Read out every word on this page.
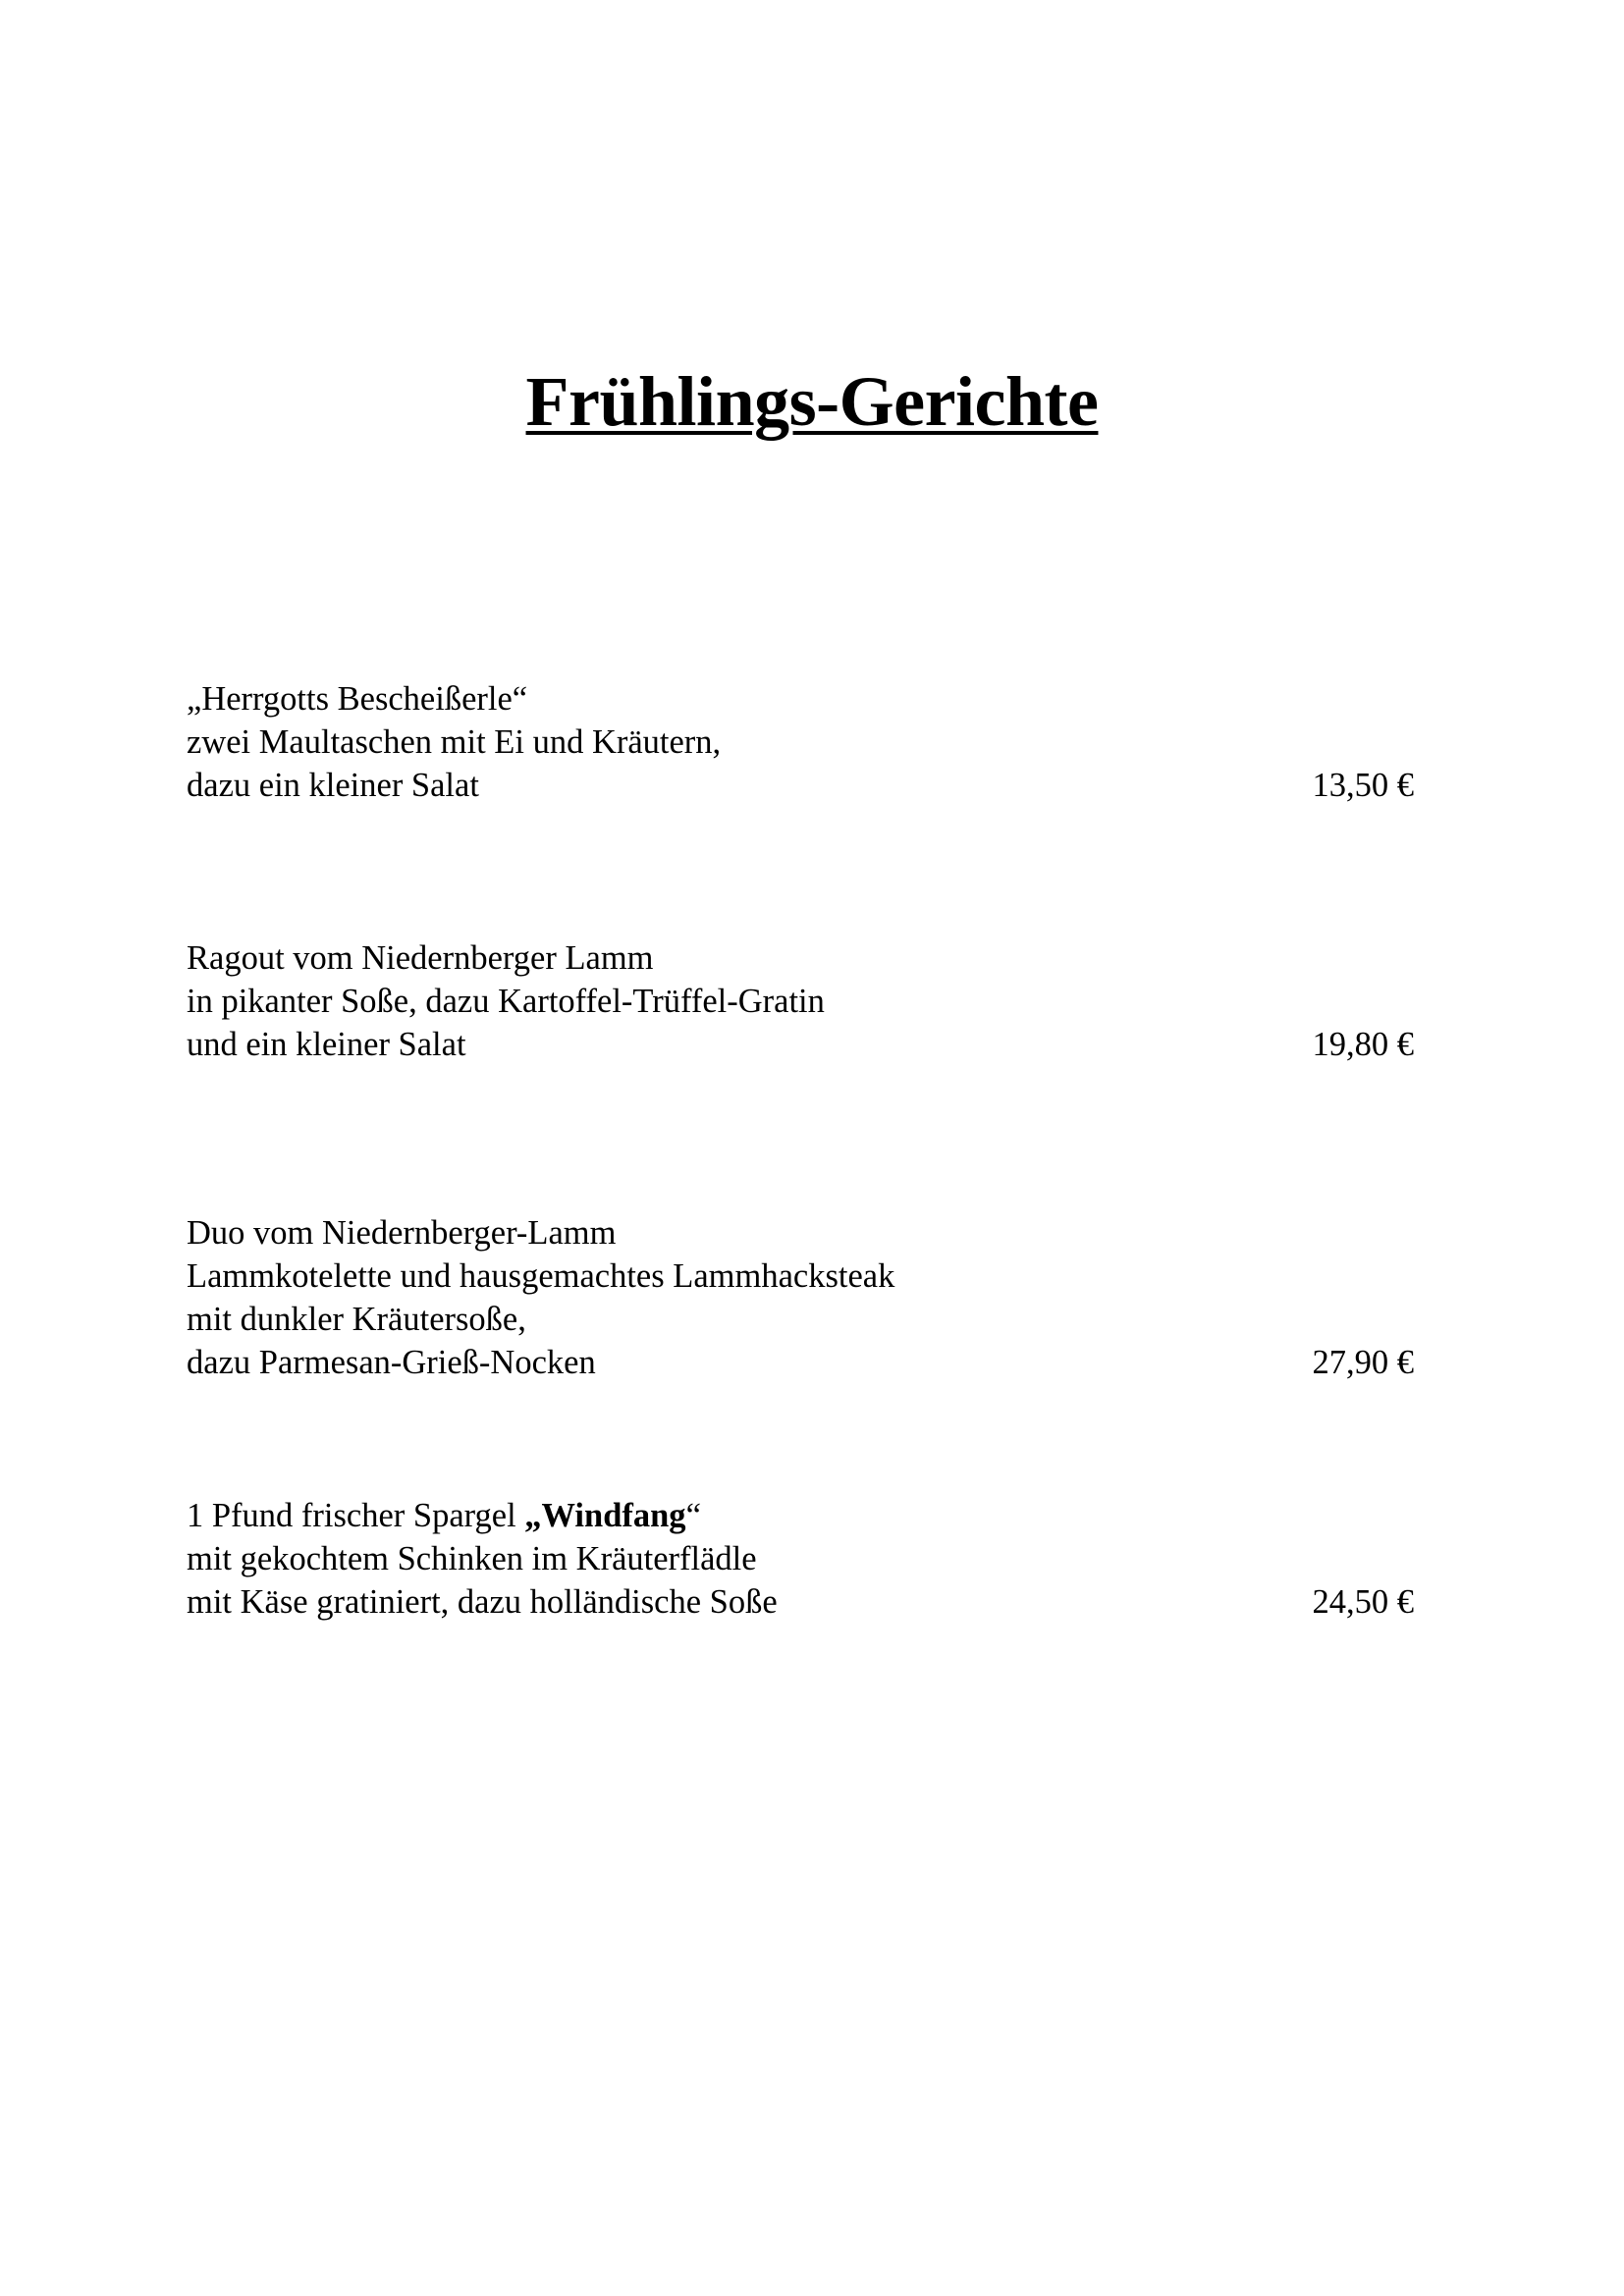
Frühlings-Gerichte
„Herrgotts Bescheißerle“
zwei Maultaschen mit Ei und Kräutern,
dazu ein kleiner Salat	13,50 €
Ragout vom Niedernberger Lamm
in pikanter Soße, dazu Kartoffel-Trüffel-Gratin
und ein kleiner Salat	19,80 €
Duo vom Niedernberger-Lamm
Lammkotelette und hausgemachtes Lammhacksteak
mit dunkler Kräutersoße,
dazu Parmesan-Grieß-Nocken	27,90 €
1 Pfund frischer Spargel „Windfang“
mit gekochtem Schinken im Kräuterflädle
mit Käse gratiniert, dazu holländische Soße	24,50 €
